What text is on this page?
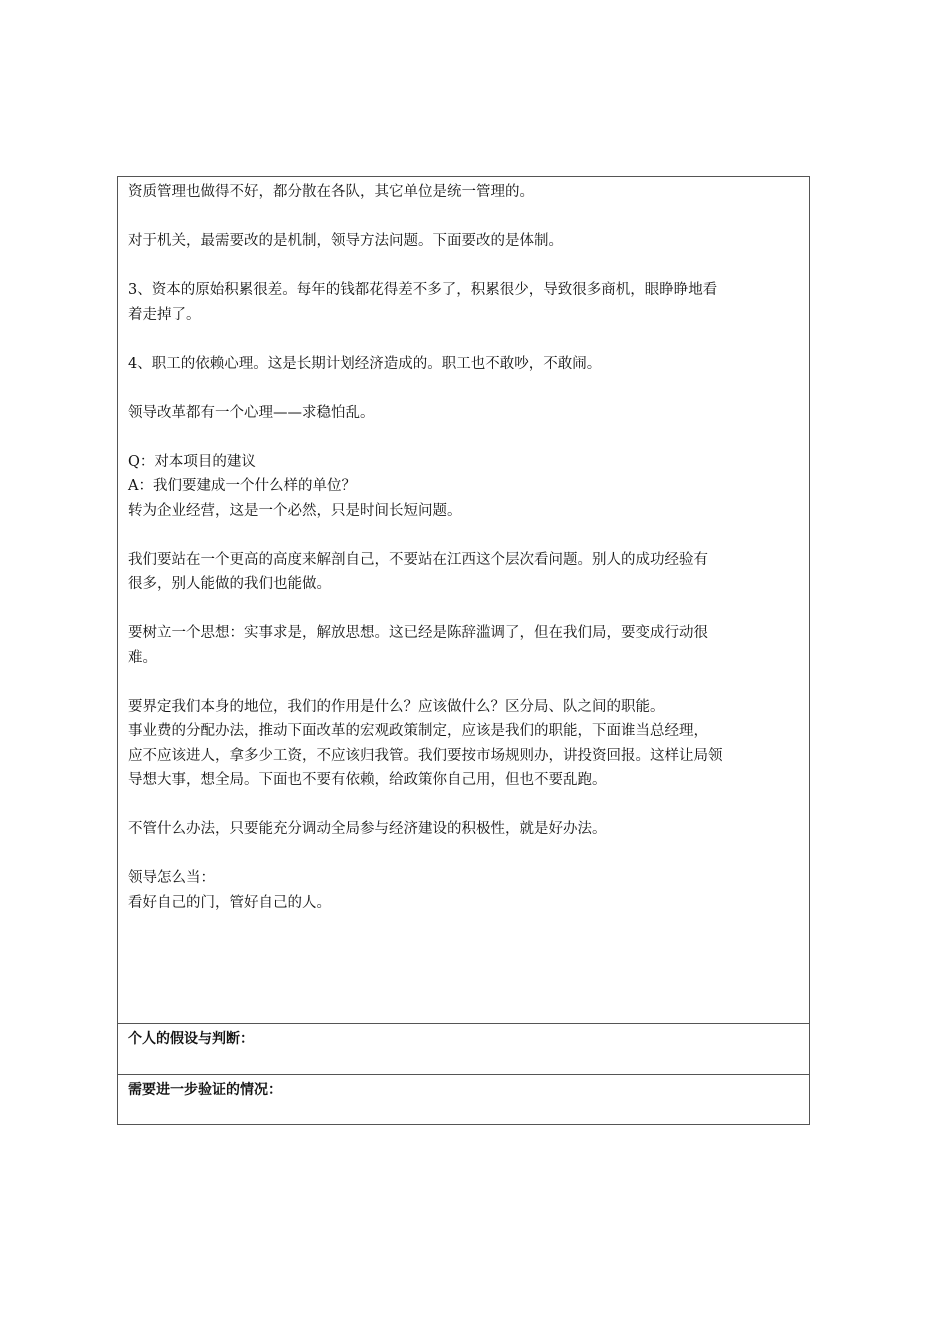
资质管理也做得不好，都分散在各队，其它单位是统一管理的。

对于机关，最需要改的是机制，领导方法问题。下面要改的是体制。

3、资本的原始积累很差。每年的钱都花得差不多了，积累很少，导致很多商机，眼睁睁地看
着走掉了。

4、职工的依赖心理。这是长期计划经济造成的。职工也不敢吵，不敢闹。

领导改革都有一个心理——求稳怕乱。

Q：对本项目的建议
A：我们要建成一个什么样的单位？
转为企业经营，这是一个必然，只是时间长短问题。

我们要站在一个更高的高度来解剖自己，不要站在江西这个层次看问题。别人的成功经验有
很多，别人能做的我们也能做。

要树立一个思想：实事求是，解放思想。这已经是陈辞滥调了，但在我们局，要变成行动很
难。

要界定我们本身的地位，我们的作用是什么？应该做什么？区分局、队之间的职能。
事业费的分配办法，推动下面改革的宏观政策制定，应该是我们的职能，下面谁当总经理，
应不应该进人，拿多少工资，不应该归我管。我们要按市场规则办，讲投资回报。这样让局领
导想大事，想全局。下面也不要有依赖，给政策你自己用，但也不要乱跑。

不管什么办法，只要能充分调动全局参与经济建设的积极性，就是好办法。

领导怎么当：
看好自己的门，管好自己的人。

个人的假设与判断：
需要进一步验证的情况：
